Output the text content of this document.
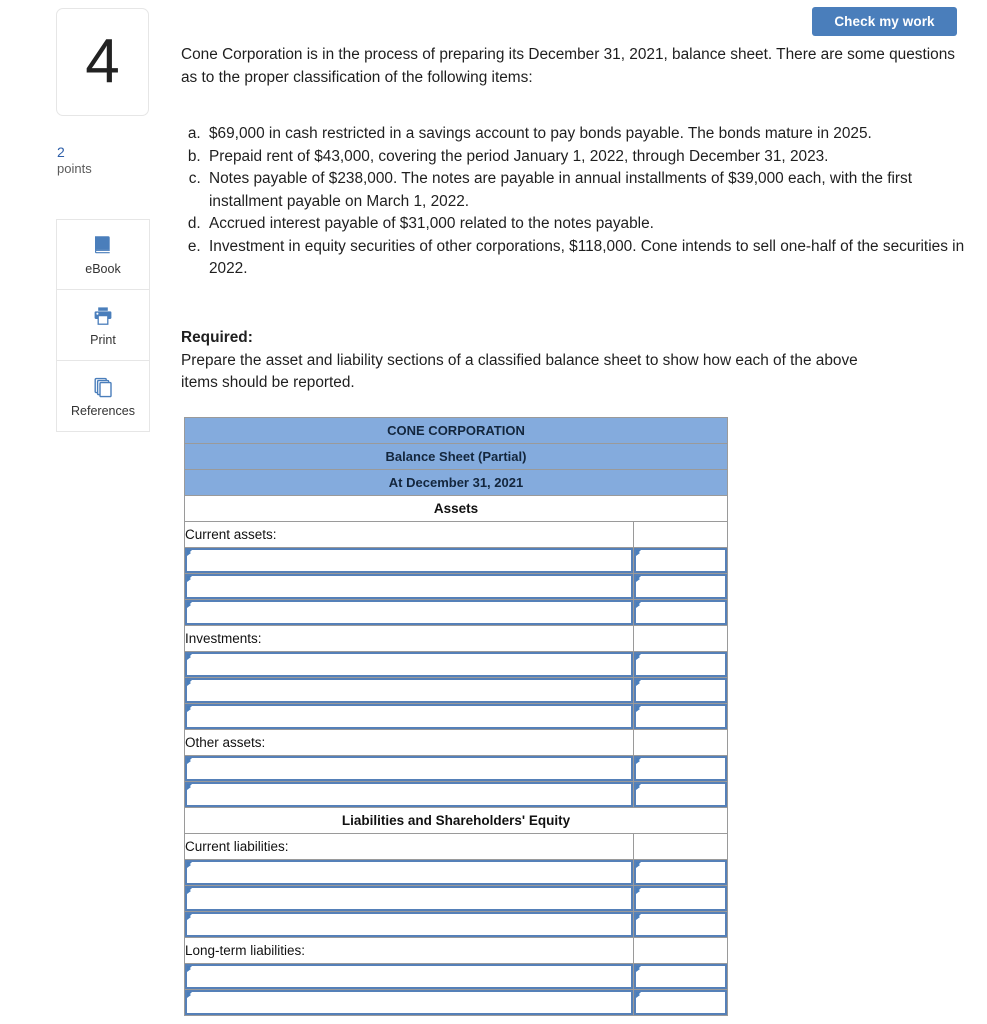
Check my work
4
2
points
eBook
Print
References
Cone Corporation is in the process of preparing its December 31, 2021, balance sheet. There are some questions as to the proper classification of the following items:
a. $69,000 in cash restricted in a savings account to pay bonds payable. The bonds mature in 2025.
b. Prepaid rent of $43,000, covering the period January 1, 2022, through December 31, 2023.
c. Notes payable of $238,000. The notes are payable in annual installments of $39,000 each, with the first installment payable on March 1, 2022.
d. Accrued interest payable of $31,000 related to the notes payable.
e. Investment in equity securities of other corporations, $118,000. Cone intends to sell one-half of the securities in 2022.
Required:
Prepare the asset and liability sections of a classified balance sheet to show how each of the above items should be reported.
CONE CORPORATION	
Balance Sheet (Partial)	
At December 31, 2021	
Assets	
Current assets:	

Investments:	

Other assets:	

Liabilities and Shareholders' Equity	
Current liabilities:	

Long-term liabilities:	
